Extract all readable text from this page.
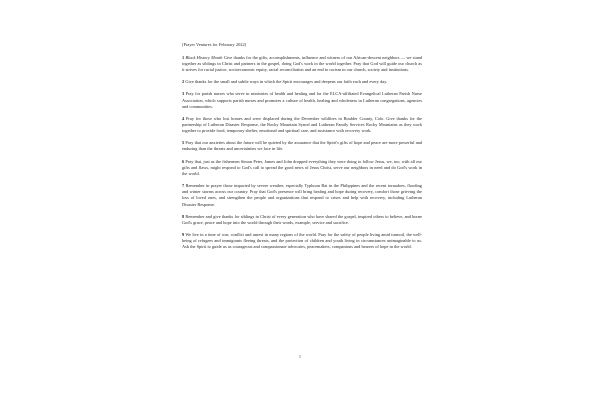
[Prayer Ventures for February 2022]

1 Black History Month Give thanks for the gifts, accomplishments, influence and witness of our African-descent neighbors — we stand together as siblings in Christ and partners in the gospel, doing God's work in the world together. Pray that God will guide our church as it strives for racial justice, socioeconomic equity, racial reconciliation and an end to racism in our church, society and institutions.

2 Give thanks for the small and subtle ways in which the Spirit encourages and deepens our faith each and every day.

3 Pray for parish nurses who serve in ministries of health and healing and for the ELCA-affiliated Evangelical Lutheran Parish Nurse Association, which supports parish nurses and promotes a culture of health, healing and wholeness in Lutheran congregations, agencies and communities.

4 Pray for those who lost homes and were displaced during the December wildfires in Boulder County, Colo. Give thanks for the partnership of Lutheran Disaster Response, the Rocky Mountain Synod and Lutheran Family Services Rocky Mountains as they work together to provide food, temporary shelter, emotional and spiritual care, and assistance with recovery work.

5 Pray that our anxieties about the future will be quieted by the assurance that the Spirit's gifts of hope and peace are more powerful and enduring than the threats and uncertainties we face in life.

6 Pray that, just as the fishermen Simon Peter, James and John dropped everything they were doing to follow Jesus, we, too, with all our gifts and flaws, might respond to God's call to spread the good news of Jesus Christ, serve our neighbors in need and do God's work in the world.

7 Remember in prayer those impacted by severe weather, especially Typhoon Rai in the Philippines and the recent tornadoes, flooding and winter storms across our country. Pray that God's presence will bring healing and hope during recovery, comfort those grieving the loss of loved ones, and strengthen the people and organizations that respond to crises and help with recovery, including Lutheran Disaster Response.

8 Remember and give thanks for siblings in Christ of every generation who have shared the gospel, inspired others to believe, and borne God's grace, peace and hope into the world through their words, example, service and sacrifice.

9 We live in a time of war, conflict and unrest in many regions of the world. Pray for the safety of people living amid turmoil, the well-being of refugees and immigrants fleeing threats, and the protection of children and youth living in circumstances unimaginable to us. Ask the Spirit to guide us as courageous and compassionate advocates, peacemakers, companions and bearers of hope in the world.

1
